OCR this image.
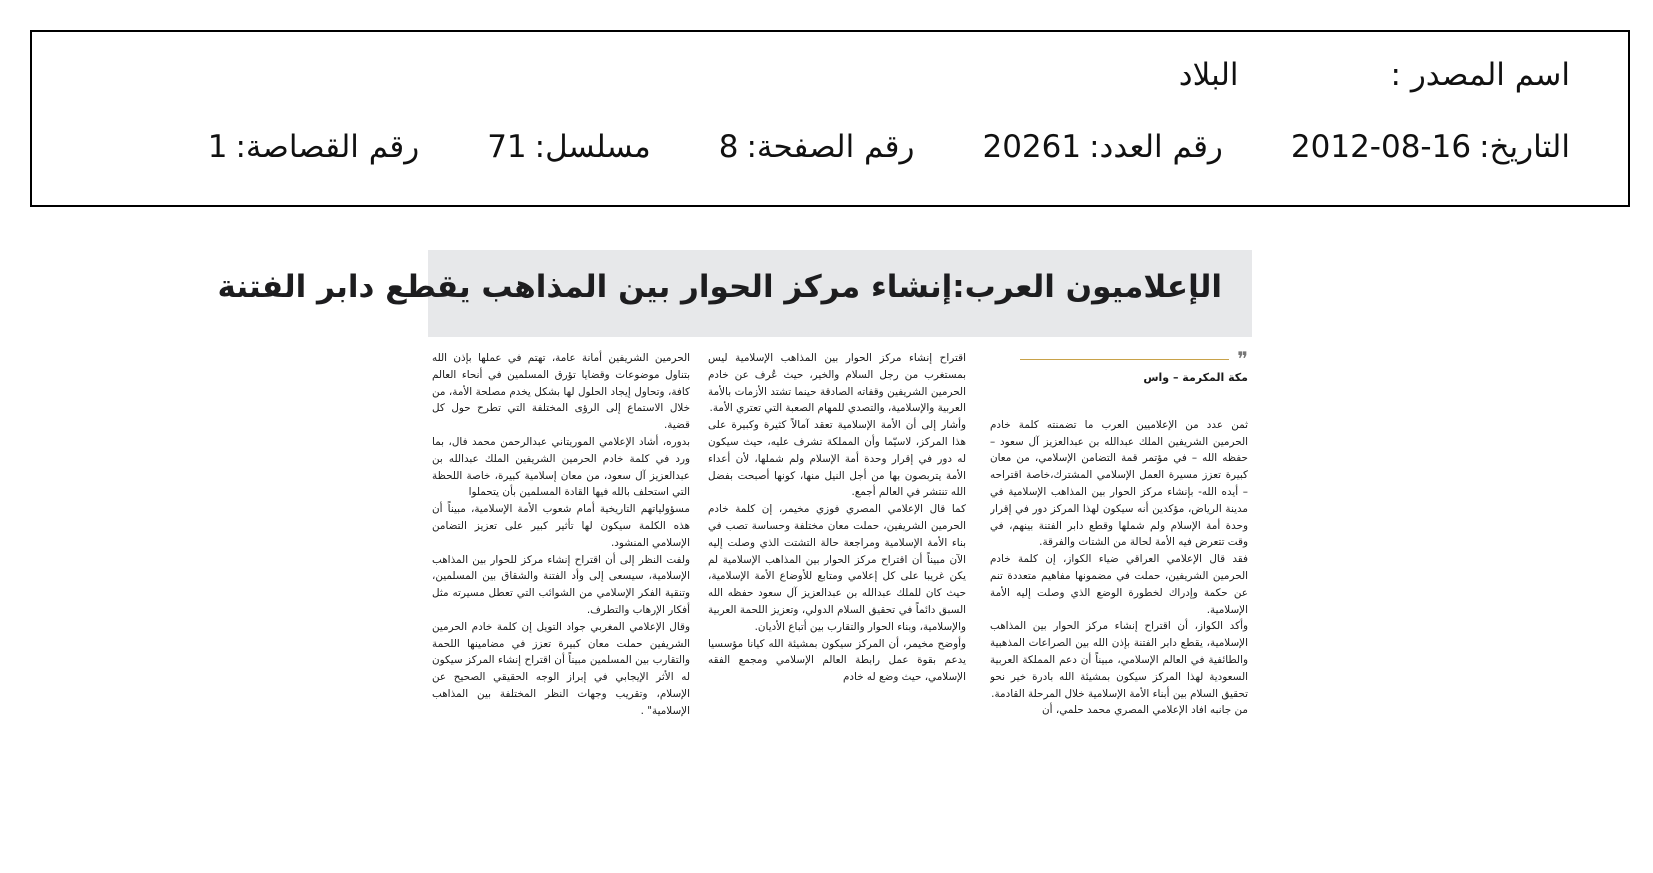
اسم المصدر :
البلاد
التاريخ:
2012-08-16
رقم العدد:
20261
رقم الصفحة:
8
مسلسل:
71
رقم القصاصة:
1
الإعلاميون العرب:إنشاء مركز الحوار بين المذاهب يقطع دابر الفتنة
❞
مكة المكرمة – واس

ثمن عدد من الإعلاميين العرب ما تضمنته كلمة خادم الحرمين الشريفين الملك عبدالله بن عبدالعزيز آل سعود – حفظه الله – في مؤتمر قمة التضامن الإسلامي، من معان كبيرة تعزز مسيرة العمل الإسلامي المشترك،خاصة اقتراحه – أيده الله- بإنشاء مركز الحوار بين المذاهب الإسلامية في مدينة الرياض، مؤكدين أنه سيكون لهذا المركز دور في إقرار وحدة أمة الإسلام ولم شملها وقطع دابر الفتنة بينهم، في وقت تتعرض فيه الأمة لحالة من الشتات والفرقة.

فقد قال الإعلامي العراقي ضياء الكواز، إن كلمة خادم الحرمين الشريفين، حملت في مضمونها مفاهيم متعددة تنم عن حكمة وإدراك لخطورة الوضع الذي وصلت إليه الأمة الإسلامية.

وأكد الكواز، أن اقتراح إنشاء مركز الحوار بين المذاهب الإسلامية، يقطع دابر الفتنة بإذن الله بين الصراعات المذهبية والطائفية في العالم الإسلامي، مبيناً أن دعم المملكة العربية السعودية لهذا المركز سيكون بمشيئة الله بادرة خير نحو تحقيق السلام بين أبناء الأمة الإسلامية خلال المرحلة القادمة.

من جانبه افاد الإعلامي المصري محمد حلمي، أن

اقتراح إنشاء مركز الحوار بين المذاهب الإسلامية ليس بمستغرب من رجل السلام والخير، حيث عُرف عن خادم الحرمين الشريفين وقفاته الصادقة حينما تشتد الأزمات بالأمة العربية والإسلامية، والتصدي للمهام الصعبة التي تعتري الأمة.

وأشار إلى أن الأمة الإسلامية تعقد آمالاً كثيرة وكبيرة على هذا المركز، لاسيّما وأن المملكة تشرف عليه، حيث سيكون له دور في إقرار وحدة أمة الإسلام ولم شملها، لأن أعداء الأمة يتربصون بها من أجل النيل منها، كونها أصبحت بفضل الله تنتشر في العالم أجمع.

كما قال الإعلامي المصري فوزي مخيمر، إن كلمة خادم الحرمين الشريفين، حملت معان مختلفة وحساسة تصب في بناء الأمة الإسلامية ومراجعة حالة التشتت الذي وصلت إليه الآن مبيناً أن اقتراح مركز الحوار بين المذاهب الإسلامية لم يكن غريبا على كل إعلامي ومتابع للأوضاع الأمة الإسلامية، حيث كان للملك عبدالله بن عبدالعزيز آل سعود حفظه الله السبق دائماً في تحقيق السلام الدولي، وتعزيز اللحمة العربية والإسلامية، وبناء الحوار والتقارب بين أتباع الأديان.

وأوضح مخيمر، أن المركز سيكون بمشيئة الله كيانا مؤسسيا يدعم بقوة عمل رابطة العالم الإسلامي ومجمع الفقه الإسلامي، حيث وضع له خادم

الحرمين الشريفين أمانة عامة، تهتم في عملها بإذن الله بتناول موضوعات وقضايا تؤرق المسلمين في أنحاء العالم كافة، وتحاول إيجاد الحلول لها بشكل يخدم مصلحة الأمة، من خلال الاستماع إلى الرؤى المختلفة التي تطرح حول كل قضية.

بدوره، أشاد الإعلامي الموريتاني عبدالرحمن محمد فال، بما ورد في كلمة خادم الحرمين الشريفين الملك عبدالله بن عبدالعزيز آل سعود، من معان إسلامية كبيرة، خاصة اللحظة التي استحلف بالله فيها القادة المسلمين بأن يتحملوا

مسؤولياتهم التاريخية أمام شعوب الأمة الإسلامية، مبيناً أن هذه الكلمة سيكون لها تأثير كبير على تعزيز التضامن الإسلامي المنشود.

ولفت النظر إلى أن اقتراح إنشاء مركز للحوار بين المذاهب الإسلامية، سيسعى إلى وأد الفتنة والشقاق بين المسلمين، وتنقية الفكر الإسلامي من الشوائب التي تعطل مسيرته مثل أفكار الإرهاب والتطرف.

وقال الإعلامي المغربي جواد التويل إن كلمة خادم الحرمين الشريفين حملت معان كبيرة تعزز في مضامينها اللحمة والتقارب بين المسلمين مبيناً أن اقتراح إنشاء المركز سيكون له الأثر الإيجابي في إبراز الوجه الحقيقي الصحيح عن الإسلام، وتقريب وجهات النظر المختلفة بين المذاهب الإسلامية" .
